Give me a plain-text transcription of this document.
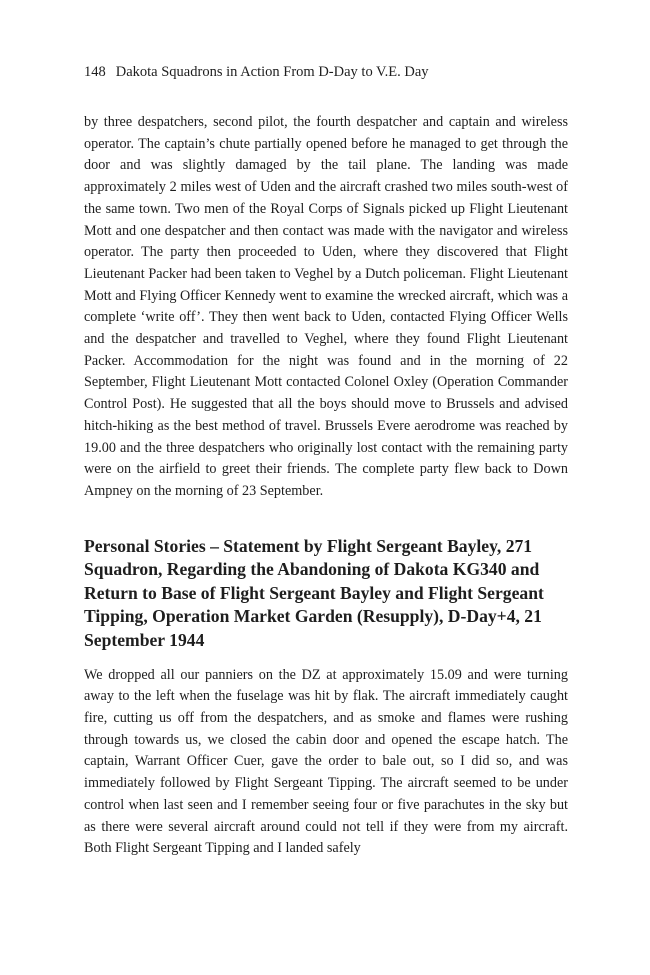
148 Dakota Squadrons in Action From D-Day to V.E. Day

by three despatchers, second pilot, the fourth despatcher and captain and wireless operator. The captain’s chute partially opened before he managed to get through the door and was slightly damaged by the tail plane. The landing was made approximately 2 miles west of Uden and the aircraft crashed two miles south-west of the same town. Two men of the Royal Corps of Signals picked up Flight Lieutenant Mott and one despatcher and then contact was made with the navigator and wireless operator. The party then proceeded to Uden, where they discovered that Flight Lieutenant Packer had been taken to Veghel by a Dutch policeman. Flight Lieutenant Mott and Flying Officer Kennedy went to examine the wrecked aircraft, which was a complete ‘write off’. They then went back to Uden, contacted Flying Officer Wells and the despatcher and travelled to Veghel, where they found Flight Lieutenant Packer. Accommodation for the night was found and in the morning of 22 September, Flight Lieutenant Mott contacted Colonel Oxley (Operation Commander Control Post). He suggested that all the boys should move to Brussels and advised hitch-hiking as the best method of travel. Brussels Evere aerodrome was reached by 19.00 and the three despatchers who originally lost contact with the remaining party were on the airfield to greet their friends. The complete party flew back to Down Ampney on the morning of 23 September.

Personal Stories – Statement by Flight Sergeant Bayley, 271 Squadron, Regarding the Abandoning of Dakota KG340 and Return to Base of Flight Sergeant Bayley and Flight Sergeant Tipping, Operation Market Garden (Resupply), D-Day+4, 21 September 1944

We dropped all our panniers on the DZ at approximately 15.09 and were turning away to the left when the fuselage was hit by flak. The aircraft immediately caught fire, cutting us off from the despatchers, and as smoke and flames were rushing through towards us, we closed the cabin door and opened the escape hatch. The captain, Warrant Officer Cuer, gave the order to bale out, so I did so, and was immediately followed by Flight Sergeant Tipping. The aircraft seemed to be under control when last seen and I remember seeing four or five parachutes in the sky but as there were several aircraft around could not tell if they were from my aircraft. Both Flight Sergeant Tipping and I landed safely
